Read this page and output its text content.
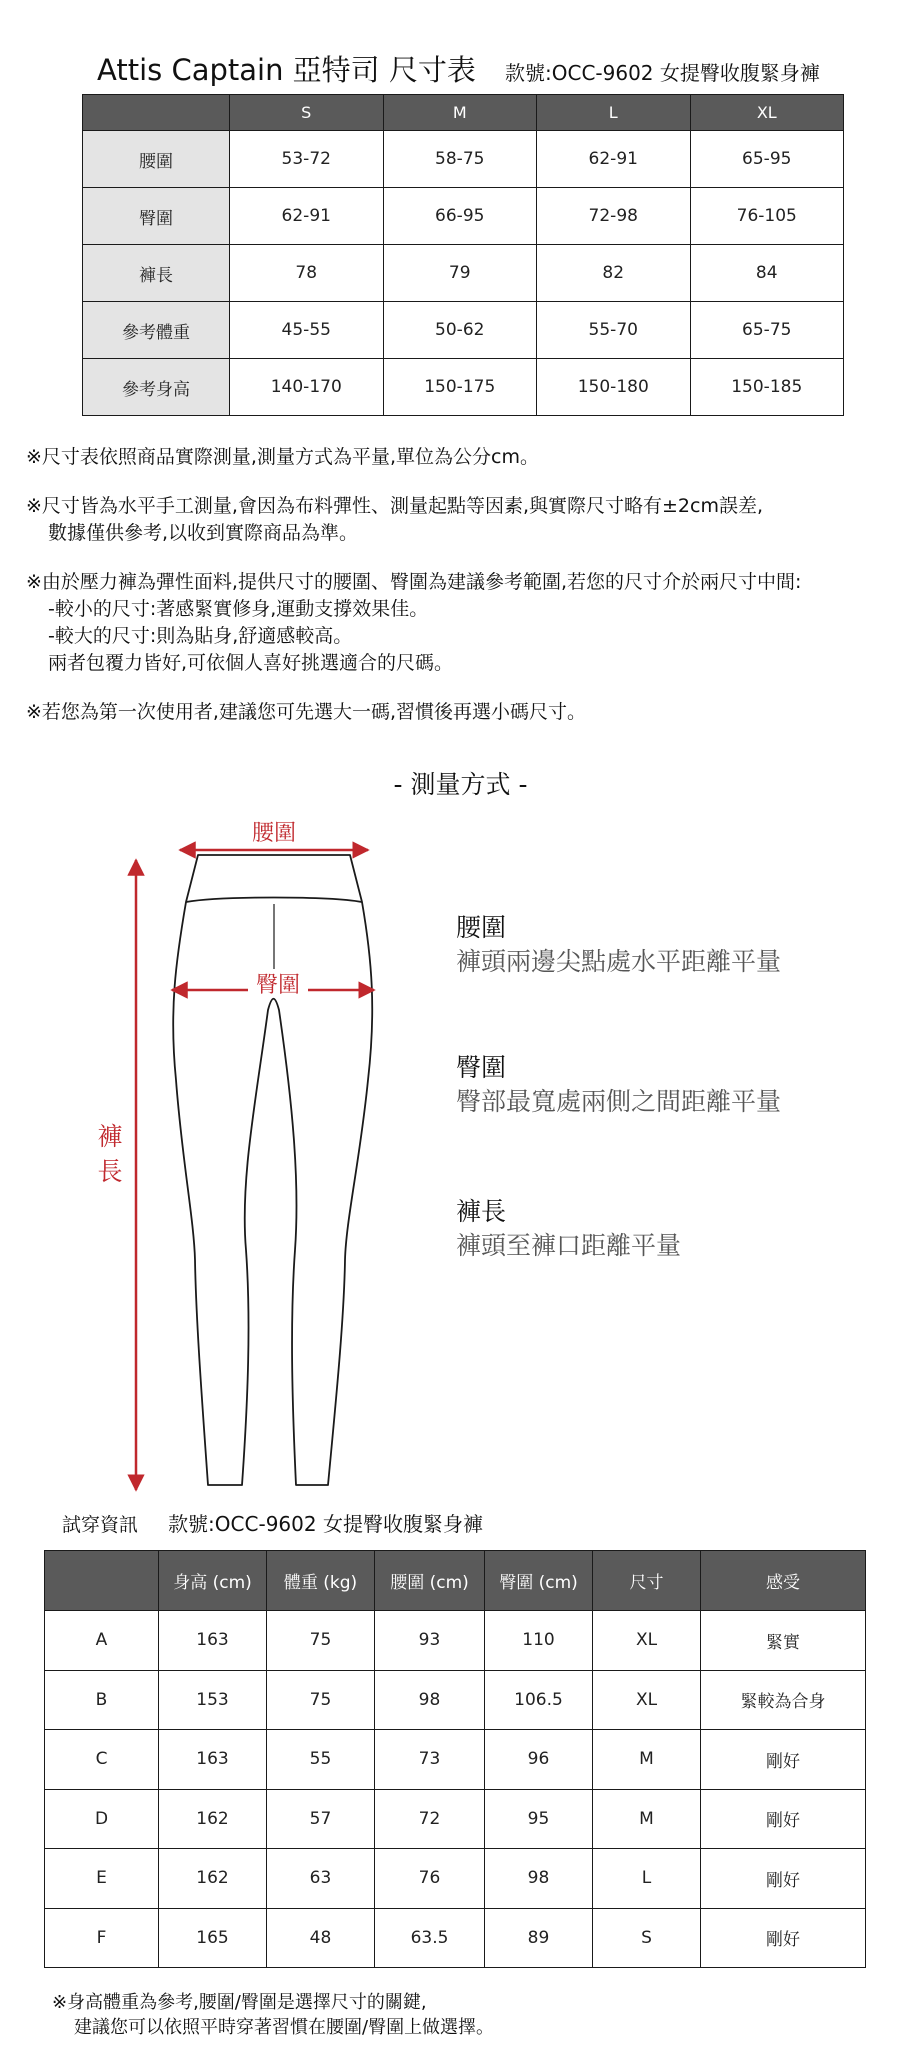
Attis Captain 亞特司 尺寸表 款號:OCC-9602 女提臀收腹緊身褲
	S	M	L	XL
腰圍	53-72	58-75	62-91	65-95
臀圍	62-91	66-95	72-98	76-105
褲長	78	79	82	84
參考體重	45-55	50-62	55-70	65-75
參考身高	140-170	150-175	150-180	150-185

※尺寸表依照商品實際測量,測量方式為平量,單位為公分cm。

※尺寸皆為水平手工測量,會因為布料彈性、測量起點等因素,與實際尺寸略有±2cm誤差,
數據僅供參考,以收到實際商品為準。

※由於壓力褲為彈性面料,提供尺寸的腰圍、臀圍為建議參考範圍,若您的尺寸介於兩尺寸中間:
-較小的尺寸:著感緊實修身,運動支撐效果佳。
-較大的尺寸:則為貼身,舒適感較高。
兩者包覆力皆好,可依個人喜好挑選適合的尺碼。

※若您為第一次使用者,建議您可先選大一碼,習慣後再選小碼尺寸。

- 測量方式 -
腰圍
臀圍
褲
長
腰圍
褲頭兩邊尖點處水平距離平量
臀圍
臀部最寬處兩側之間距離平量
褲長
褲頭至褲口距離平量
試穿資訊 款號:OCC-9602 女提臀收腹緊身褲
	身高 (cm)	體重 (kg)	腰圍 (cm)	臀圍 (cm)	尺寸	感受
A	163	75	93	110	XL	緊實
B	153	75	98	106.5	XL	緊較為合身
C	163	55	73	96	M	剛好
D	162	57	72	95	M	剛好
E	162	63	76	98	L	剛好
F	165	48	63.5	89	S	剛好
※身高體重為參考,腰圍/臀圍是選擇尺寸的關鍵,
建議您可以依照平時穿著習慣在腰圍/臀圍上做選擇。
